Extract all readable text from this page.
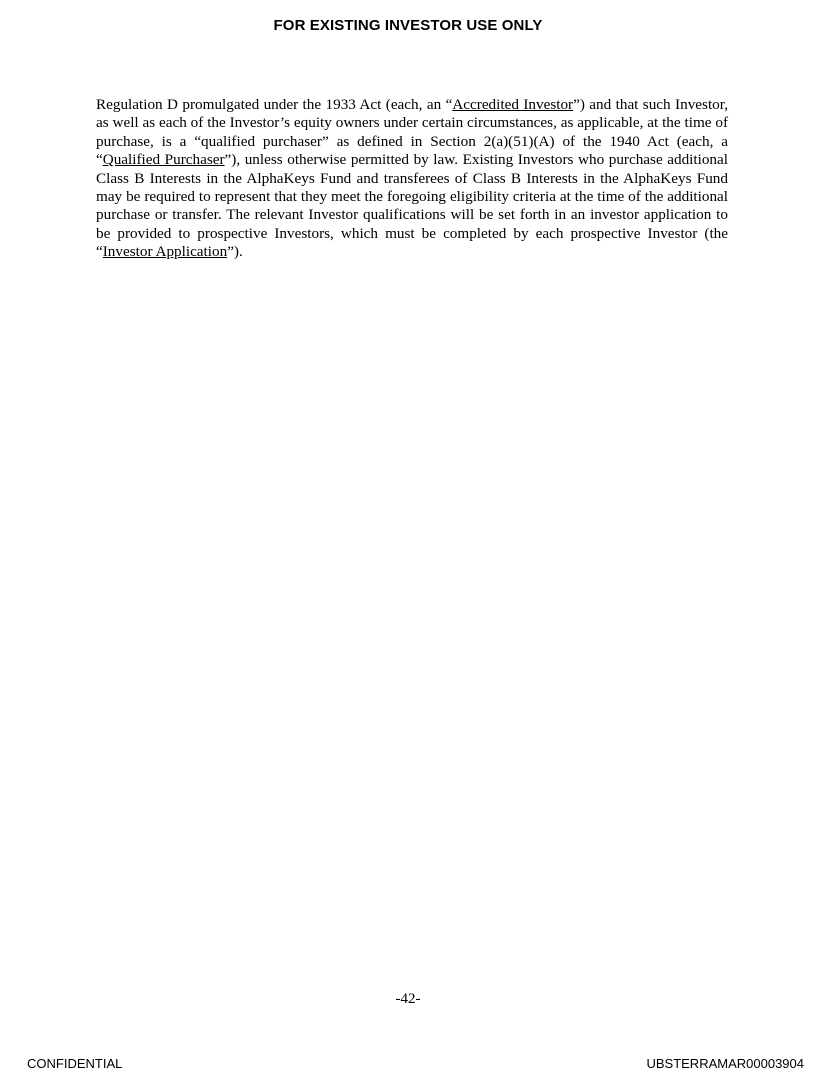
FOR EXISTING INVESTOR USE ONLY

Regulation D promulgated under the 1933 Act (each, an “Accredited Investor”) and that such Investor, as well as each of the Investor’s equity owners under certain circumstances, as applicable, at the time of purchase, is a “qualified purchaser” as defined in Section 2(a)(51)(A) of the 1940 Act (each, a “Qualified Purchaser”), unless otherwise permitted by law. Existing Investors who purchase additional Class B Interests in the AlphaKeys Fund and transferees of Class B Interests in the AlphaKeys Fund may be required to represent that they meet the foregoing eligibility criteria at the time of the additional purchase or transfer. The relevant Investor qualifications will be set forth in an investor application to be provided to prospective Investors, which must be completed by each prospective Investor (the “Investor Application”).

-42-
CONFIDENTIAL	UBSTERRAMAR00003904
